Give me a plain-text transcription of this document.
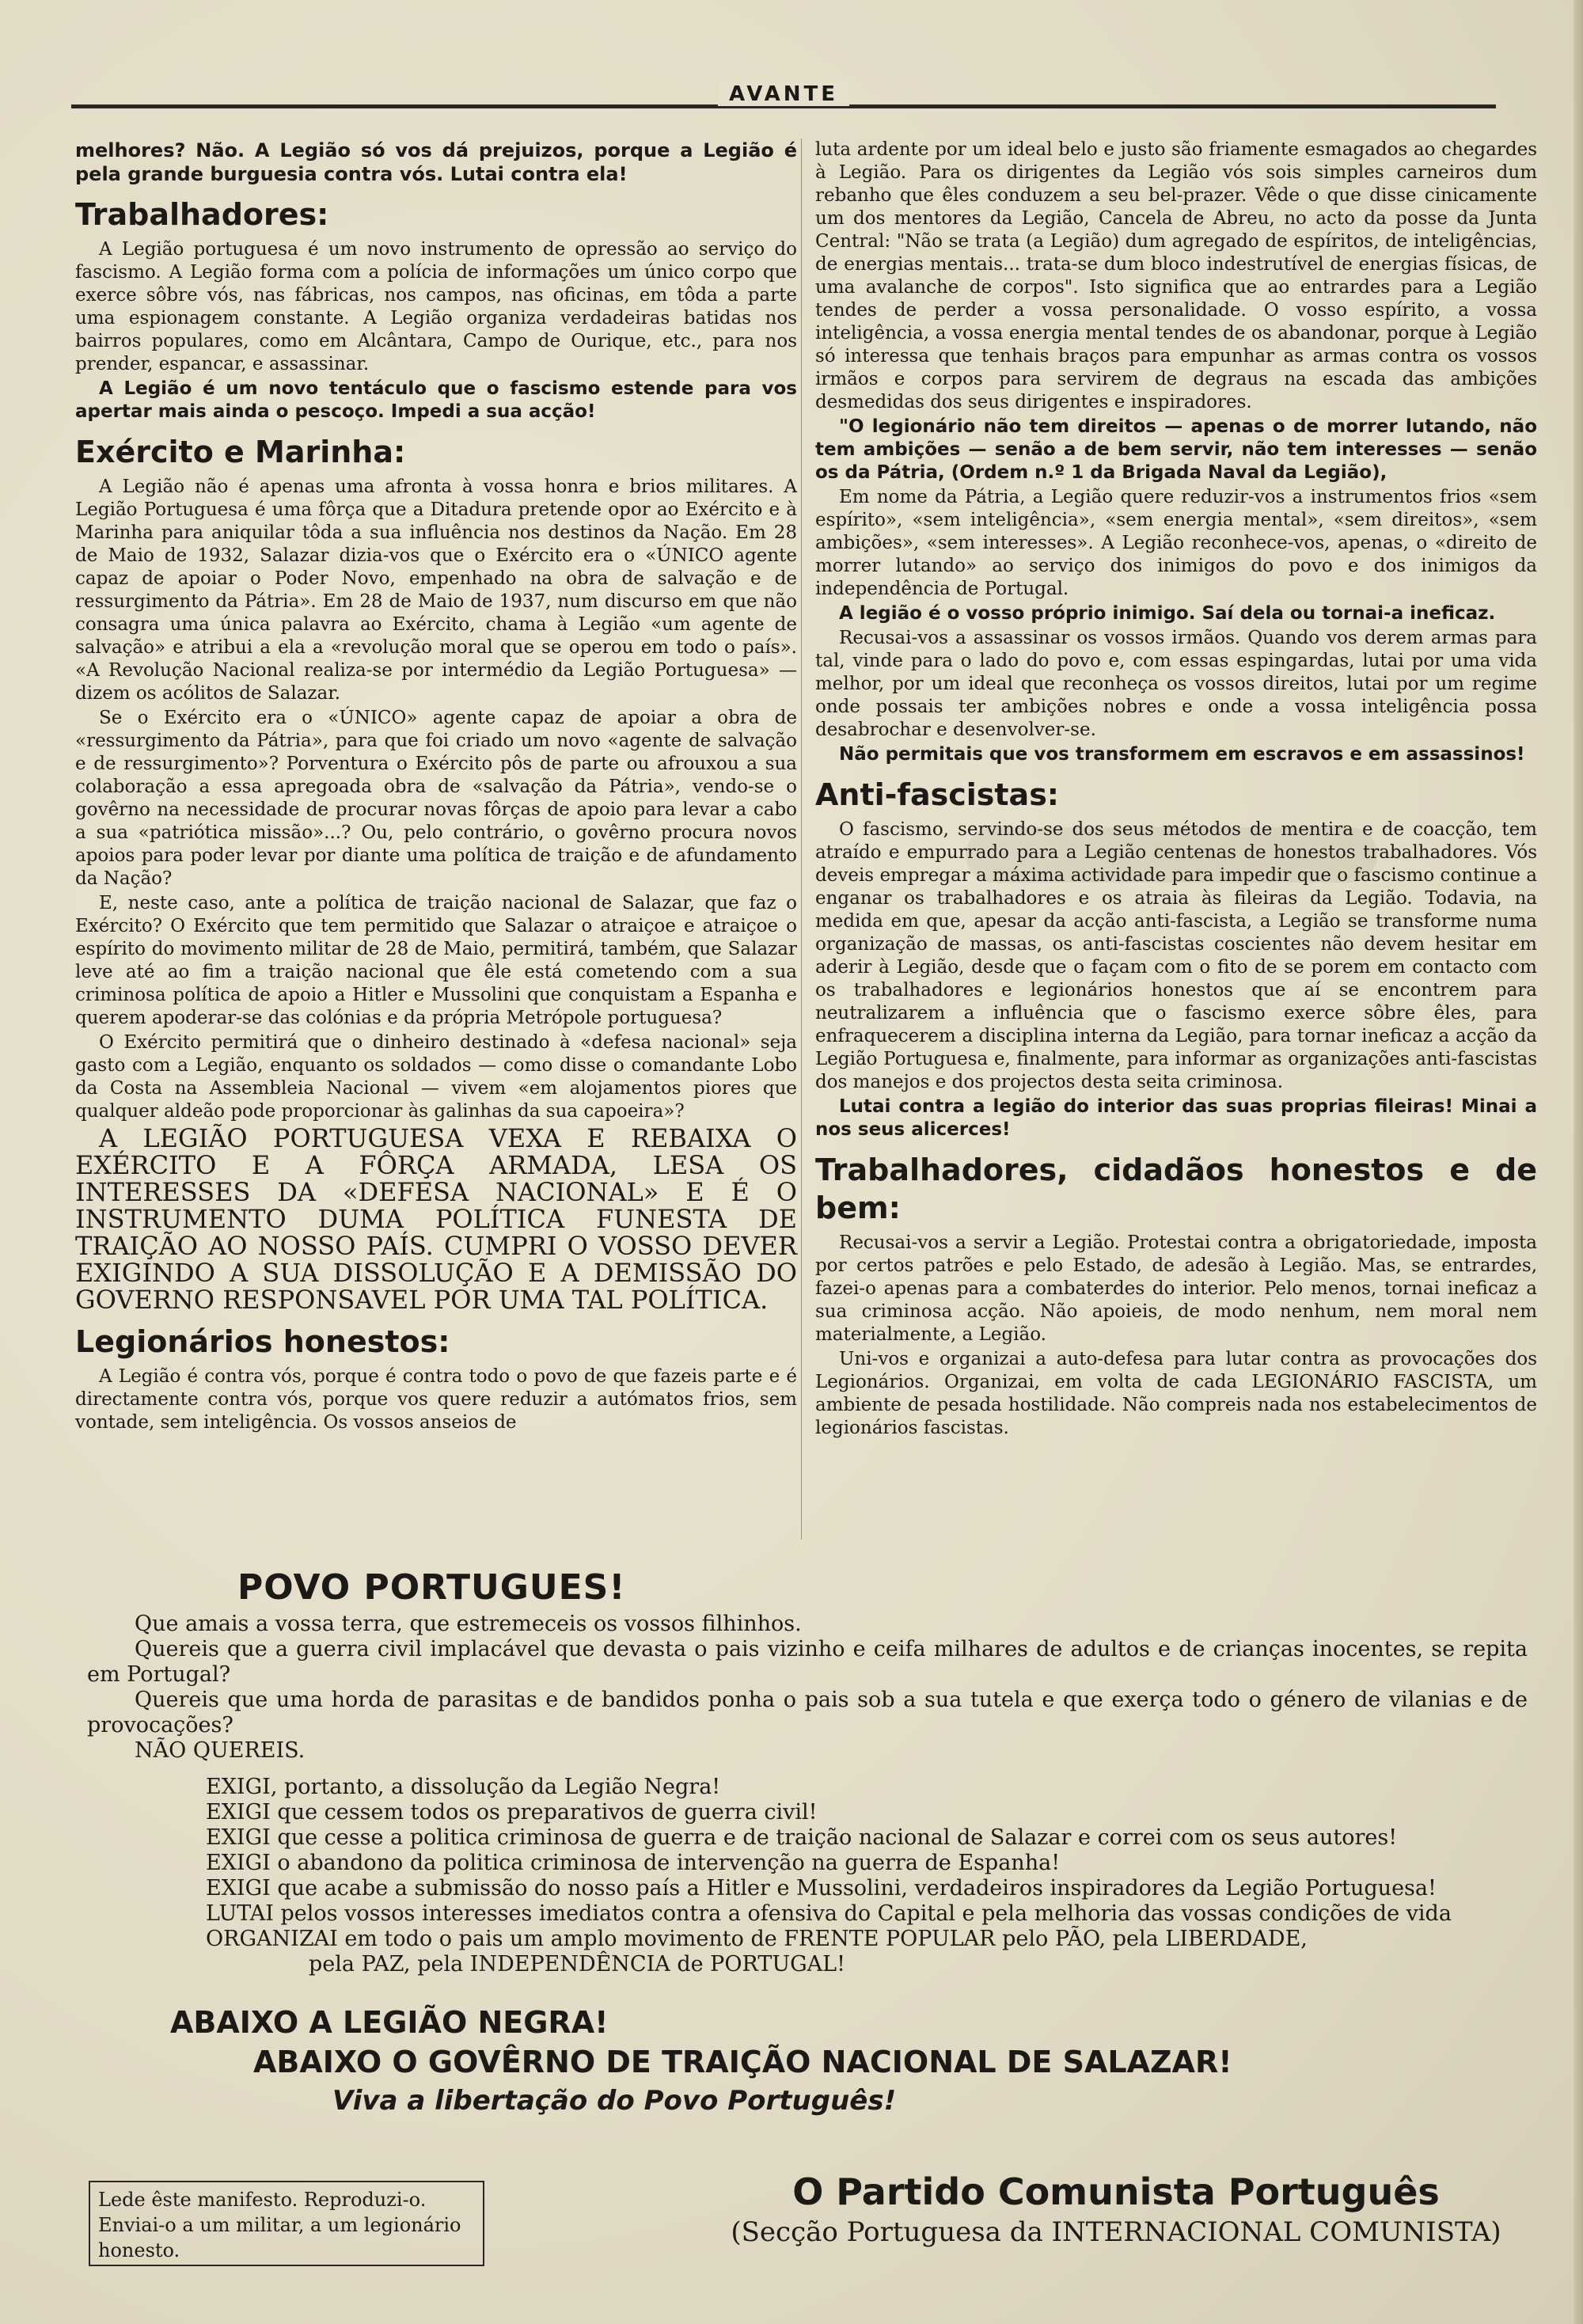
AVANTE

melhores? Não. A Legião só vos dá prejuizos, porque a Legião é pela grande burguesia contra vós. Lutai contra ela!

Trabalhadores:

A Legião portuguesa é um novo instrumento de opressão ao serviço do fascismo. A Legião forma com a polícia de informações um único corpo que exerce sôbre vós, nas fábricas, nos campos, nas oficinas, em tôda a parte uma espionagem constante. A Legião organiza verdadeiras batidas nos bairros populares, como em Alcântara, Campo de Ourique, etc., para nos prender, espancar, e assassinar.

A Legião é um novo tentáculo que o fascismo estende para vos apertar mais ainda o pescoço. Impedi a sua acção!

Exército e Marinha:

A Legião não é apenas uma afronta à vossa honra e brios militares. A Legião Portuguesa é uma fôrça que a Ditadura pretende opor ao Exército e à Marinha para aniquilar tôda a sua influência nos destinos da Nação. Em 28 de Maio de 1932, Salazar dizia-vos que o Exército era o «ÚNICO agente capaz de apoiar o Poder Novo, empenhado na obra de salvação e de ressurgimento da Pátria». Em 28 de Maio de 1937, num discurso em que não consagra uma única palavra ao Exército, chama à Legião «um agente de salvação» e atribui a ela a «revolução moral que se operou em todo o país». «A Revolução Nacional realiza-se por intermédio da Legião Portuguesa» — dizem os acólitos de Salazar.

Se o Exército era o «ÚNICO» agente capaz de apoiar a obra de «ressurgimento da Pátria», para que foi criado um novo «agente de salvação e de ressurgimento»? Porventura o Exército pôs de parte ou afrouxou a sua colaboração a essa apregoada obra de «salvação da Pátria», vendo-se o govêrno na necessidade de procurar novas fôrças de apoio para levar a cabo a sua «patriótica missão»...? Ou, pelo contrário, o govêrno procura novos apoios para poder levar por diante uma política de traição e de afundamento da Nação?

E, neste caso, ante a política de traição nacional de Salazar, que faz o Exército? O Exército que tem permitido que Salazar o atraiçoe e atraiçoe o espírito do movimento militar de 28 de Maio, permitirá, também, que Salazar leve até ao fim a traição nacional que êle está cometendo com a sua criminosa política de apoio a Hitler e Mussolini que conquistam a Espanha e querem apoderar-se das colónias e da própria Metrópole portuguesa?

O Exército permitirá que o dinheiro destinado à «defesa nacional» seja gasto com a Legião, enquanto os soldados — como disse o comandante Lobo da Costa na Assembleia Nacional — vivem «em alojamentos piores que qualquer aldeão pode proporcionar às galinhas da sua capoeira»?

A LEGIÃO PORTUGUESA VEXA E REBAIXA O EXÉRCITO E A FÔRÇA ARMADA, LESA OS INTERESSES DA «DEFESA NACIONAL» E É O INSTRUMENTO DUMA POLÍTICA FUNESTA DE TRAIÇÃO AO NOSSO PAÍS. CUMPRI O VOSSO DEVER EXIGINDO A SUA DISSOLUÇÃO E A DEMISSÃO DO GOVERNO RESPONSAVEL POR UMA TAL POLÍTICA.

Legionários honestos:

A Legião é contra vós, porque é contra todo o povo de que fazeis parte e é directamente contra vós, porque vos quere reduzir a autómatos frios, sem vontade, sem inteligência. Os vossos anseios de

luta ardente por um ideal belo e justo são friamente esmagados ao chegardes à Legião. Para os dirigentes da Legião vós sois simples carneiros dum rebanho que êles conduzem a seu bel-prazer. Vêde o que disse cinicamente um dos mentores da Legião, Cancela de Abreu, no acto da posse da Junta Central: "Não se trata (a Legião) dum agregado de espíritos, de inteligências, de energias mentais... trata-se dum bloco indestrutível de energias físicas, de uma avalanche de corpos". Isto significa que ao entrardes para a Legião tendes de perder a vossa personalidade. O vosso espírito, a vossa inteligência, a vossa energia mental tendes de os abandonar, porque à Legião só interessa que tenhais braços para empunhar as armas contra os vossos irmãos e corpos para servirem de degraus na escada das ambições desmedidas dos seus dirigentes e inspiradores.

"O legionário não tem direitos — apenas o de morrer lutando, não tem ambições — senão a de bem servir, não tem interesses — senão os da Pátria, (Ordem n.º 1 da Brigada Naval da Legião),

Em nome da Pátria, a Legião quere reduzir-vos a instrumentos frios «sem espírito», «sem inteligência», «sem energia mental», «sem direitos», «sem ambições», «sem interesses». A Legião reconhece-vos, apenas, o «direito de morrer lutando» ao serviço dos inimigos do povo e dos inimigos da independência de Portugal.

A legião é o vosso próprio inimigo. Saí dela ou tornai-a ineficaz.

Recusai-vos a assassinar os vossos irmãos. Quando vos derem armas para tal, vinde para o lado do povo e, com essas espingardas, lutai por uma vida melhor, por um ideal que reconheça os vossos direitos, lutai por um regime onde possais ter ambições nobres e onde a vossa inteligência possa desabrochar e desenvolver-se.

Não permitais que vos transformem em escravos e em assassinos!

Anti-fascistas:

O fascismo, servindo-se dos seus métodos de mentira e de coacção, tem atraído e empurrado para a Legião centenas de honestos trabalhadores. Vós deveis empregar a máxima actividade para impedir que o fascismo continue a enganar os trabalhadores e os atraia às fileiras da Legião. Todavia, na medida em que, apesar da acção anti-fascista, a Legião se transforme numa organização de massas, os anti-fascistas coscientes não devem hesitar em aderir à Legião, desde que o façam com o fito de se porem em contacto com os trabalhadores e legionários honestos que aí se encontrem para neutralizarem a influência que o fascismo exerce sôbre êles, para enfraquecerem a disciplina interna da Legião, para tornar ineficaz a acção da Legião Portuguesa e, finalmente, para informar as organizações anti-fascistas dos manejos e dos projectos desta seita criminosa.

Lutai contra a legião do interior das suas proprias fileiras! Minai a nos seus alicerces!

Trabalhadores, cidadãos honestos e de bem:

Recusai-vos a servir a Legião. Protestai contra a obrigatoriedade, imposta por certos patrões e pelo Estado, de adesão à Legião. Mas, se entrardes, fazei-o apenas para a combaterdes do interior. Pelo menos, tornai ineficaz a sua criminosa acção. Não apoieis, de modo nenhum, nem moral nem materialmente, a Legião.

Uni-vos e organizai a auto-defesa para lutar contra as provocações dos Legionários. Organizai, em volta de cada LEGIONÁRIO FASCISTA, um ambiente de pesada hostilidade. Não compreis nada nos estabelecimentos de legionários fascistas.

POVO PORTUGUES!

Que amais a vossa terra, que estremeceis os vossos filhinhos.

Quereis que a guerra civil implacável que devasta o pais vizinho e ceifa milhares de adultos e de crianças inocentes, se repita em Portugal?

Quereis que uma horda de parasitas e de bandidos ponha o pais sob a sua tutela e que exerça todo o género de vilanias e de provocações?

NÃO QUEREIS.

EXIGI, portanto, a dissolução da Legião Negra!
EXIGI que cessem todos os preparativos de guerra civil!
EXIGI que cesse a politica criminosa de guerra e de traição nacional de Salazar e correi com os seus autores!
EXIGI o abandono da politica criminosa de intervenção na guerra de Espanha!
EXIGI que acabe a submissão do nosso país a Hitler e Mussolini, verdadeiros inspiradores da Legião Portuguesa!
LUTAI pelos vossos interesses imediatos contra a ofensiva do Capital e pela melhoria das vossas condições de vida
ORGANIZAI em todo o pais um amplo movimento de FRENTE POPULAR pelo PÃO, pela LIBERDADE,
pela PAZ, pela INDEPENDÊNCIA de PORTUGAL!
ABAIXO A LEGIÃO NEGRA!
ABAIXO O GOVÊRNO DE TRAIÇÃO NACIONAL DE SALAZAR!
Viva a libertação do Povo Português!
Lede êste manifesto. Reproduzi-o. Enviai-o a um militar, a um legionário honesto.
O Partido Comunista Português
(Secção Portuguesa da INTERNACIONAL COMUNISTA)
